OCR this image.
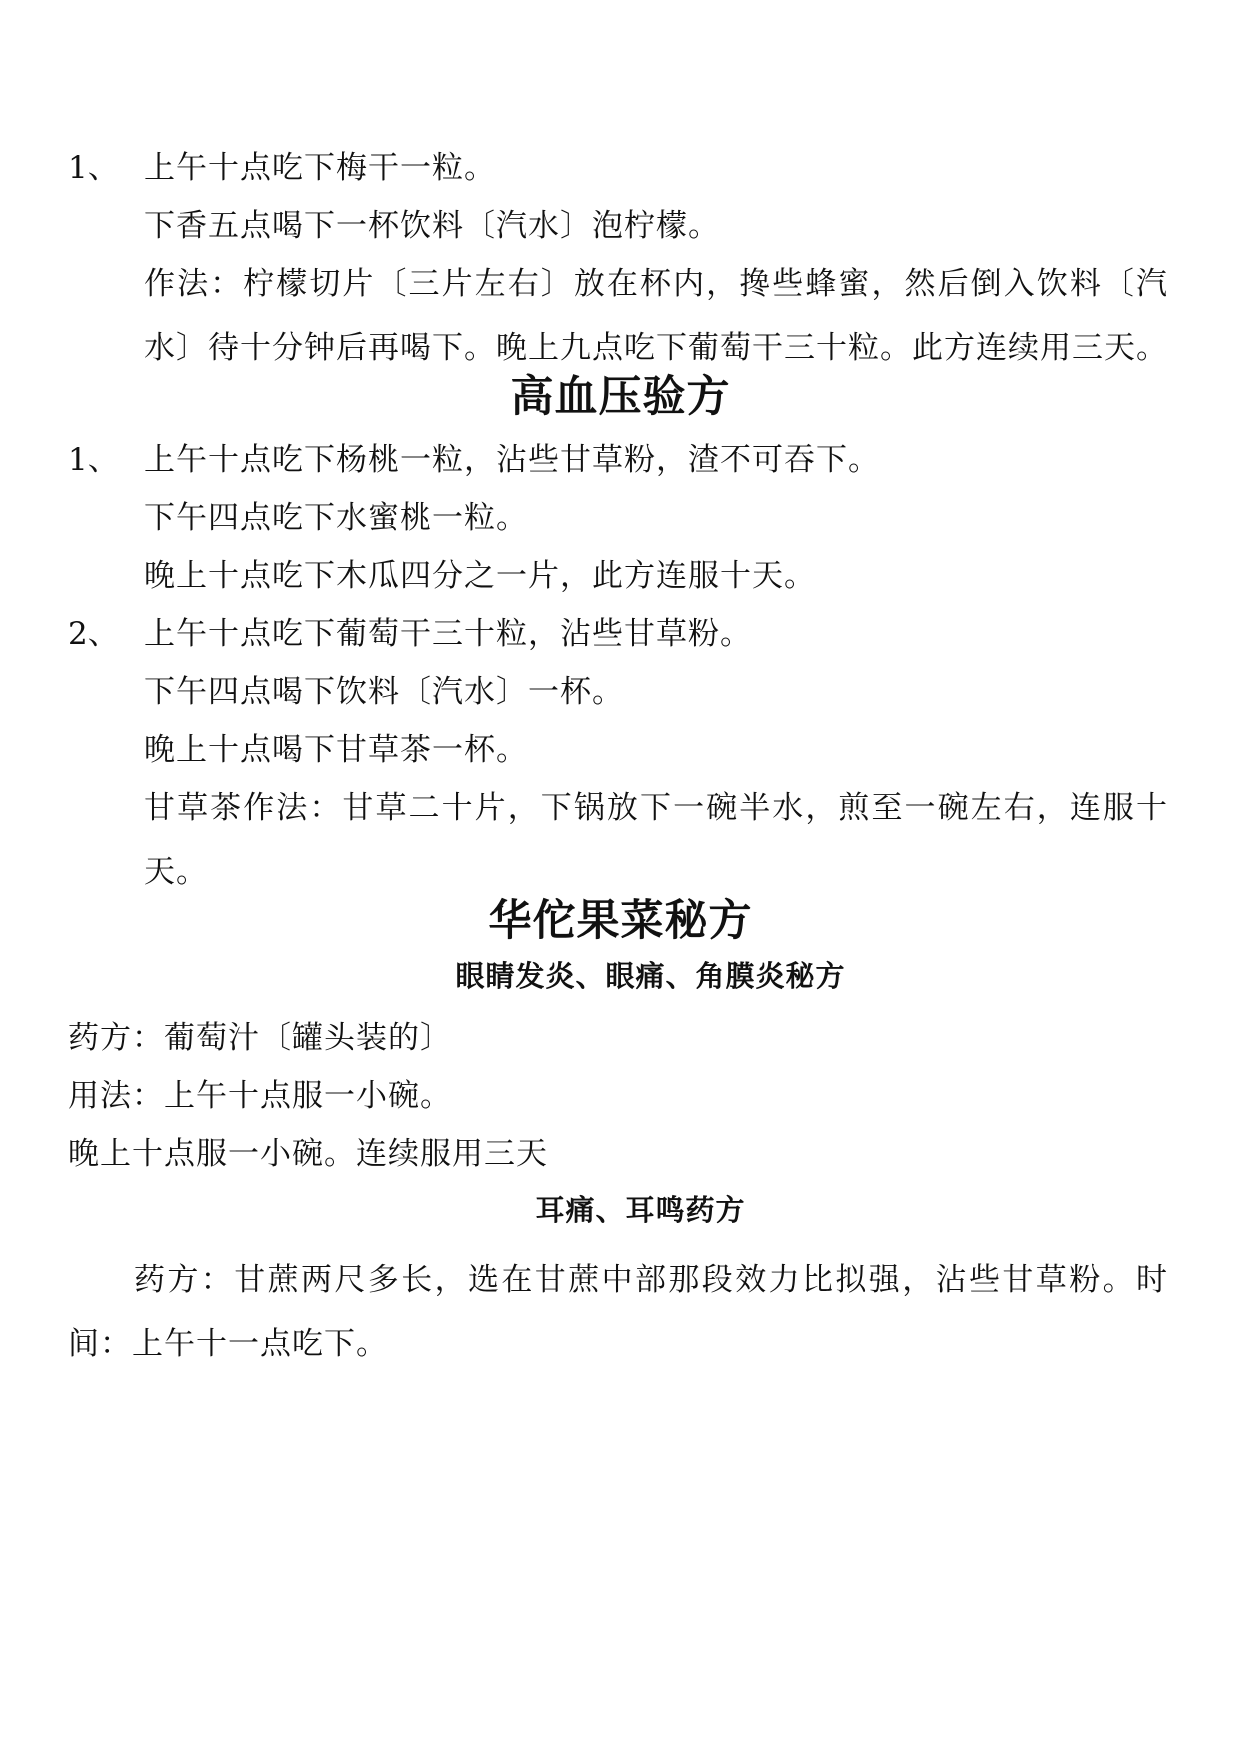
1、 上午十点吃下梅干一粒。
下香五点喝下一杯饮料〔汽水〕泡柠檬。
作法：柠檬切片〔三片左右〕放在杯内，搀些蜂蜜，然后倒入饮料〔汽水〕待十分钟后再喝下。晚上九点吃下葡萄干三十粒。此方连续用三天。
高血压验方
1、 上午十点吃下杨桃一粒，沾些甘草粉，渣不可吞下。
下午四点吃下水蜜桃一粒。
晚上十点吃下木瓜四分之一片，此方连服十天。
2、 上午十点吃下葡萄干三十粒，沾些甘草粉。
下午四点喝下饮料〔汽水〕一杯。
晚上十点喝下甘草茶一杯。
甘草茶作法：甘草二十片，下锅放下一碗半水，煎至一碗左右，连服十天。
华佗果菜秘方
眼睛发炎、眼痛、角膜炎秘方
药方：葡萄汁〔罐头装的〕
用法：上午十点服一小碗。
晚上十点服一小碗。连续服用三天
耳痛、耳鸣药方
药方：甘蔗两尺多长，选在甘蔗中部那段效力比拟强，沾些甘草粉。时间：上午十一点吃下。
